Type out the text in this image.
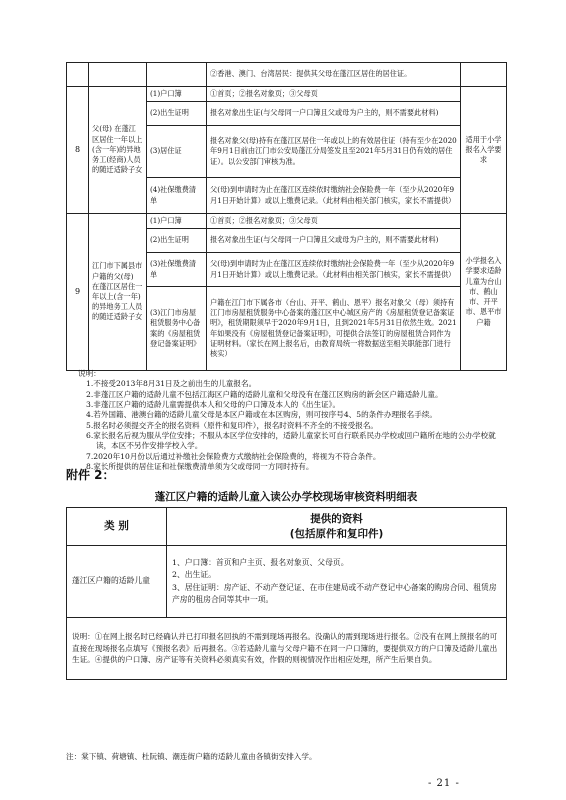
			②香港、澳门、台湾居民：提供其父母在蓬江区居住的居住证。	
8	父(母) 在蓬江区居住一年以上(含一年)的异地务工(经商)人员的随迁适龄子女	(1)户口簿	①首页；②报名对象页；③父母页	适用于小学报名入学要求
		(2)出生证明	报名对象出生证(与父母同一户口簿且父或母为户主的，则不需要此材料)	
		(3)居住证	报名对象父(母)持有在蓬江区居住一年或以上的有效居住证（持有至少在2020年9月1日前由江门市公安局蓬江分局签发且至2021年5月31日仍有效的居住证）。以公安部门审核为准。	
		(4)社保缴费清单	父(母)到申请时为止在蓬江区连续依时缴纳社会保险费一年（至少从2020年9月1日开始计算）或以上缴费记录。（此材料由相关部门核实，家长不需提供）	
9	江门市下属县市户籍的父(母) 在蓬江区居住一年以上(含一年)的异地务工人员的随迁适龄子女	(1)户口簿	①首页；②报名对象页；③父母页	小学报名入学要求适龄儿童为台山市、鹤山市、开平市、恩平市户籍
		(2)出生证明	报名对象出生证(与父母同一户口簿且父或母为户主的，则不需要此材料)	
		(3)社保缴费清单	父(母)到申请时为止在蓬江区连续依时缴纳社会保险费一年（至少从2020年9月1日开始计算）或以上缴费记录。（此材料由相关部门核实，家长不需提供）	
		(3)江门市房屋租赁服务中心备案的《房屋租赁登记备案证明》	户籍在江门市下属各市（台山、开平、鹤山、恩平）报名对象父（母）须持有江门市房屋租赁服务中心备案的蓬江区中心城区房产的《房屋租赁登记备案证明》，租赁期限须早于2020年9月1日，且到2021年5月31日依然生效。2021年如果没有《房屋租赁登记备案证明》，可提供合法签订的房屋租赁合同作为证明材料。（家长在网上报名后，由教育局统一将数据送至相关职能部门进行核实）	

说明：

1.不接受2013年8月31日及之前出生的儿童报名。

2.非蓬江区户籍的适龄儿童不包括江海区户籍的适龄儿童和父母没有在蓬江区购房的新会区户籍适龄儿童。

3.非蓬江区户籍的适龄儿童需提供本人和父母的户口簿及本人的《出生证》。

4.若外国籍、港澳台籍的适龄儿童父母是本区户籍或在本区购房，则可按序号4、5的条件办理报名手续。

5.报名时必须提交齐全的报名资料（原件和复印件），报名时资料不齐全的不接受报名。

6.家长报名后视为服从学位安排；不服从本区学位安排的，适龄儿童家长可自行联系民办学校或回户籍所在地的公办学校就读，本区不另作安排学校入学。

7.2020年10月份以后通过补缴社会保险费方式缴纳社会保险费的，将视为不符合条件。

8.家长所提供的居住证和社保缴费清单须为父或母同一方同时持有。

附件 2：
蓬江区户籍的适龄儿童入读公办学校现场审核资料明细表
类 别	提供的资料
(包括原件和复印件)

蓬江区户籍的适龄儿童	1、户口簿：首页和户主页、报名对象页、父母页。
2、出生证。
3、居住证明：房产证、不动产登记证、在市住建局或不动产登记中心备案的购房合同、租赁房产房的租房合同等其中一项。

说明：①在网上报名时已经确认并已打印报名回执的不需到现场再报名。没确认的需到现场进行报名。②没有在网上预报名的可直接在现场报名点填写《预报名表》后再报名。③若适龄儿童与父母户籍不在同一户口簿的，要提供双方的户口簿及适龄儿童出生证。④提供的户口簿、房产证等有关资料必须真实有效，作假的则视情况作出相应处理，所产生后果自负。	
注：棠下镇、荷塘镇、杜阮镇、潮连街户籍的适龄儿童由各镇街安排入学。
- 21 -
